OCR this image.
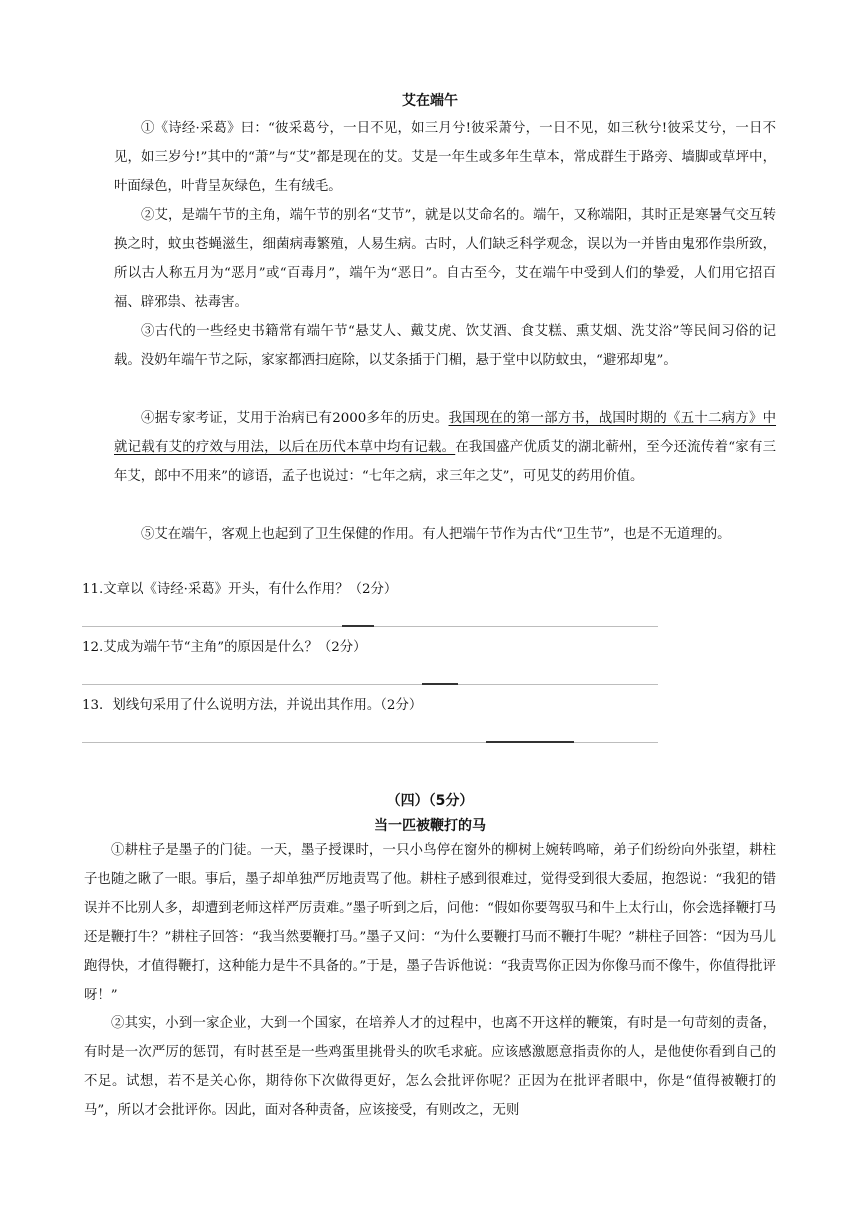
艾在端午

①《诗经·采葛》曰：“彼采葛兮，一日不见，如三月兮!彼采萧兮，一日不见，如三秋兮!彼采艾兮，一日不见，如三岁兮!”其中的“萧”与“艾”都是现在的艾。艾是一年生或多年生草本，常成群生于路旁、墙脚或草坪中，叶面绿色，叶背呈灰绿色，生有绒毛。

②艾，是端午节的主角，端午节的别名“艾节”，就是以艾命名的。端午，又称端阳，其时正是寒暑气交互转换之时，蚊虫苍蝇滋生，细菌病毒繁殖，人易生病。古时，人们缺乏科学观念，误以为一并皆由鬼邪作祟所致，所以古人称五月为“恶月”或“百毒月”，端午为“恶日”。自古至今，艾在端午中受到人们的挚爱，人们用它招百福、辟邪祟、祛毒害。

③古代的一些经史书籍常有端午节“悬艾人、戴艾虎、饮艾酒、食艾糕、熏艾烟、洗艾浴”等民间习俗的记载。没奶年端午节之际，家家都洒扫庭除，以艾条插于门楣，悬于堂中以防蚊虫，“避邪却鬼”。

④据专家考证，艾用于治病已有2000多年的历史。我国现在的第一部方书，战国时期的《五十二病方》中就记载有艾的疗效与用法，以后在历代本草中均有记载。在我国盛产优质艾的湖北蕲州，至今还流传着“家有三年艾，郎中不用来”的谚语，孟子也说过：“七年之病，求三年之艾”，可见艾的药用价值。

⑤艾在端午，客观上也起到了卫生保健的作用。有人把端午节作为古代“卫生节”，也是不无道理的。

11.文章以《诗经·采葛》开头，有什么作用？（2分）
12.艾成为端午节“主角”的原因是什么？（2分）
13．划线句采用了什么说明方法，并说出其作用。（2分）
（四）（5分）
当一匹被鞭打的马

①耕柱子是墨子的门徒。一天，墨子授课时，一只小鸟停在窗外的柳树上婉转鸣啼，弟子们纷纷向外张望，耕柱子也随之瞅了一眼。事后，墨子却单独严厉地责骂了他。耕柱子感到很难过，觉得受到很大委屈，抱怨说：“我犯的错误并不比别人多，却遭到老师这样严厉责难。”墨子听到之后，问他：“假如你要驾驭马和牛上太行山，你会选择鞭打马还是鞭打牛？”耕柱子回答：“我当然要鞭打马。”墨子又问：“为什么要鞭打马而不鞭打牛呢？”耕柱子回答：“因为马儿跑得快，才值得鞭打，这种能力是牛不具备的。”于是，墨子告诉他说：“我责骂你正因为你像马而不像牛，你值得批评呀！”

②其实，小到一家企业，大到一个国家，在培养人才的过程中，也离不开这样的鞭策，有时是一句苛刻的责备，有时是一次严厉的惩罚，有时甚至是一些鸡蛋里挑骨头的吹毛求疵。应该感激愿意指责你的人，是他使你看到自己的不足。试想，若不是关心你，期待你下次做得更好，怎么会批评你呢？正因为在批评者眼中，你是“值得被鞭打的马”，所以才会批评你。因此，面对各种责备，应该接受，有则改之，无则
